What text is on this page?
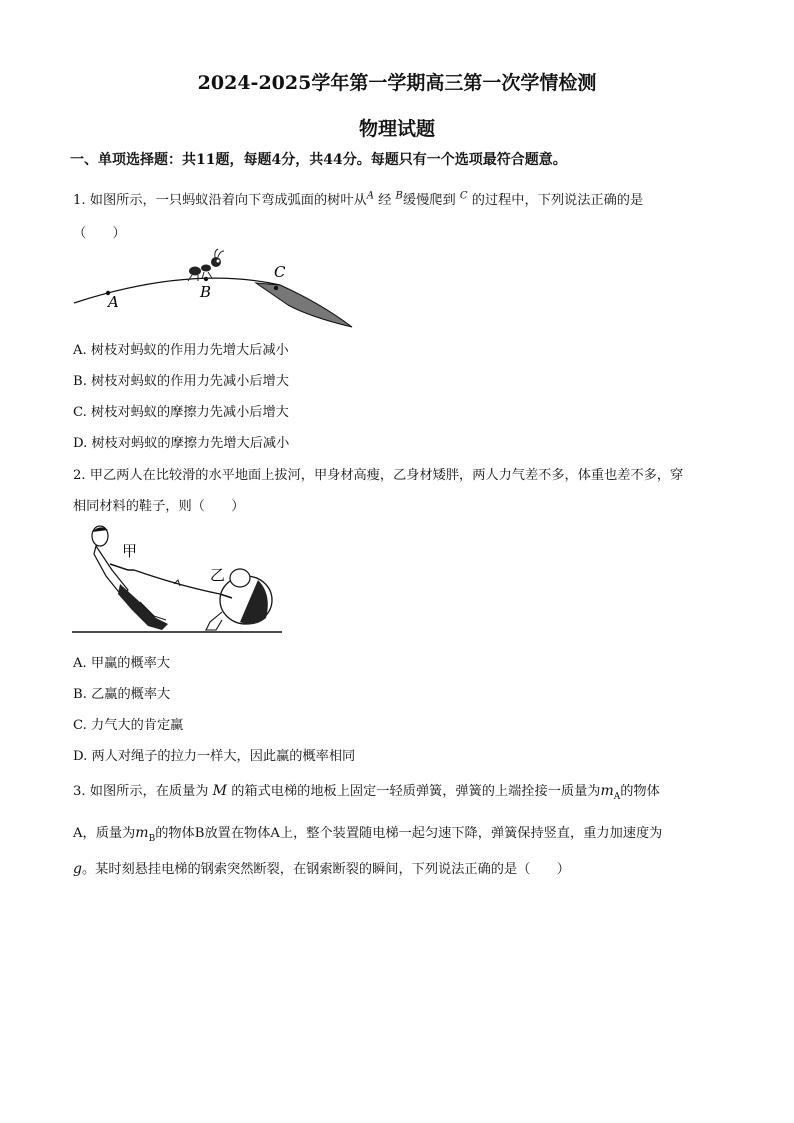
2024-2025学年第一学期高三第一次学情检测
物理试题
一、单项选择题：共11题，每题4分，共44分。每题只有一个选项最符合题意。
1. 如图所示，一只蚂蚁沿着向下弯成弧面的树叶从$^A$ 经 $^B$缓慢爬到 $^C$ 的过程中，下列说法正确的是
（　　）
A
B
C
A. 树枝对蚂蚁的作用力先增大后减小
B. 树枝对蚂蚁的作用力先减小后增大
C. 树枝对蚂蚁的摩擦力先减小后增大
D. 树枝对蚂蚁的摩擦力先增大后减小
2. 甲乙两人在比较滑的水平地面上拔河，甲身材高瘦，乙身材矮胖，两人力气差不多，体重也差不多，穿
相同材料的鞋子，则（　　）
甲
乙
A. 甲赢的概率大
B. 乙赢的概率大
C. 力气大的肯定赢
D. 两人对绳子的拉力一样大，因此赢的概率相同
3. 如图所示，在质量为 M 的箱式电梯的地板上固定一轻质弹簧，弹簧的上端拴接一质量为$m_A$的物体
A，质量为$m_B$的物体B放置在物体A上，整个装置随电梯一起匀速下降，弹簧保持竖直，重力加速度为
g。某时刻悬挂电梯的钢索突然断裂，在钢索断裂的瞬间，下列说法正确的是（　　）
